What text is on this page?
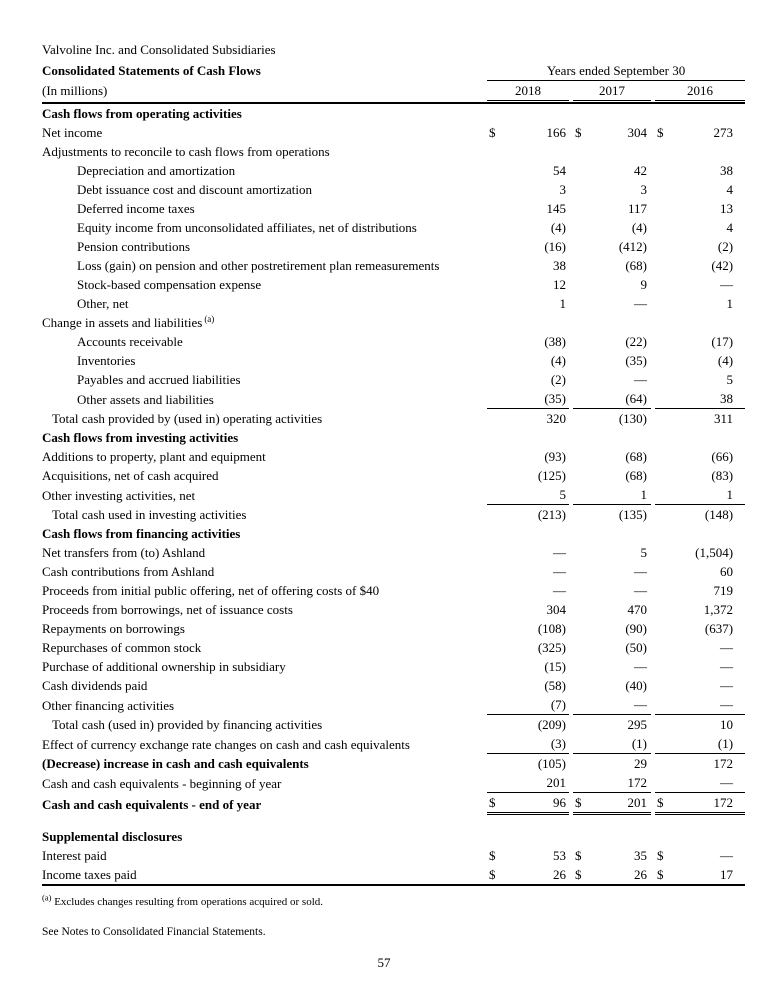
Valvoline Inc. and Consolidated Subsidiaries
Consolidated Statements of Cash Flows	Years ended September 30							
(In millions)	2018			2017			2016	

Cash flows from operating activities								
Net income	$	166		$	304		$	273
Adjustments to reconcile to cash flows from operations								
Depreciation and amortization		54			42			38
Debt issuance cost and discount amortization		3			3			4
Deferred income taxes		145			117			13
Equity income from unconsolidated affiliates, net of distributions		(4)			(4)			4
Pension contributions		(16)			(412)			(2)
Loss (gain) on pension and other postretirement plan remeasurements		38			(68)			(42)
Stock-based compensation expense		12			9			—
Other, net		1			—			1
Change in assets and liabilities $^{(a)}$								
Accounts receivable		(38)			(22)			(17)
Inventories		(4)			(35)			(4)
Payables and accrued liabilities		(2)			—			5
Other assets and liabilities		(35)			(64)			38
Total cash provided by (used in) operating activities		320			(130)			311
Cash flows from investing activities								
Additions to property, plant and equipment		(93)			(68)			(66)
Acquisitions, net of cash acquired		(125)			(68)			(83)
Other investing activities, net		5			1			1
Total cash used in investing activities		(213)			(135)			(148)
Cash flows from financing activities								
Net transfers from (to) Ashland		—			5			(1,504)
Cash contributions from Ashland		—			—			60
Proceeds from initial public offering, net of offering costs of $40		—			—			719
Proceeds from borrowings, net of issuance costs		304			470			1,372
Repayments on borrowings		(108)			(90)			(637)
Repurchases of common stock		(325)			(50)			—
Purchase of additional ownership in subsidiary		(15)			—			—
Cash dividends paid		(58)			(40)			—
Other financing activities		(7)			—			—
Total cash (used in) provided by financing activities		(209)			295			10
Effect of currency exchange rate changes on cash and cash equivalents		(3)			(1)			(1)
(Decrease) increase in cash and cash equivalents		(105)			29			172
Cash and cash equivalents - beginning of year		201			172			—
Cash and cash equivalents - end of year	$	96		$	201		$	172
Supplemental disclosures								
Interest paid	$	53		$	35		$	—
Income taxes paid	$	26		$	26		$	17

$^{(a)}$ Excludes changes resulting from operations acquired or sold.
See Notes to Consolidated Financial Statements.
57
